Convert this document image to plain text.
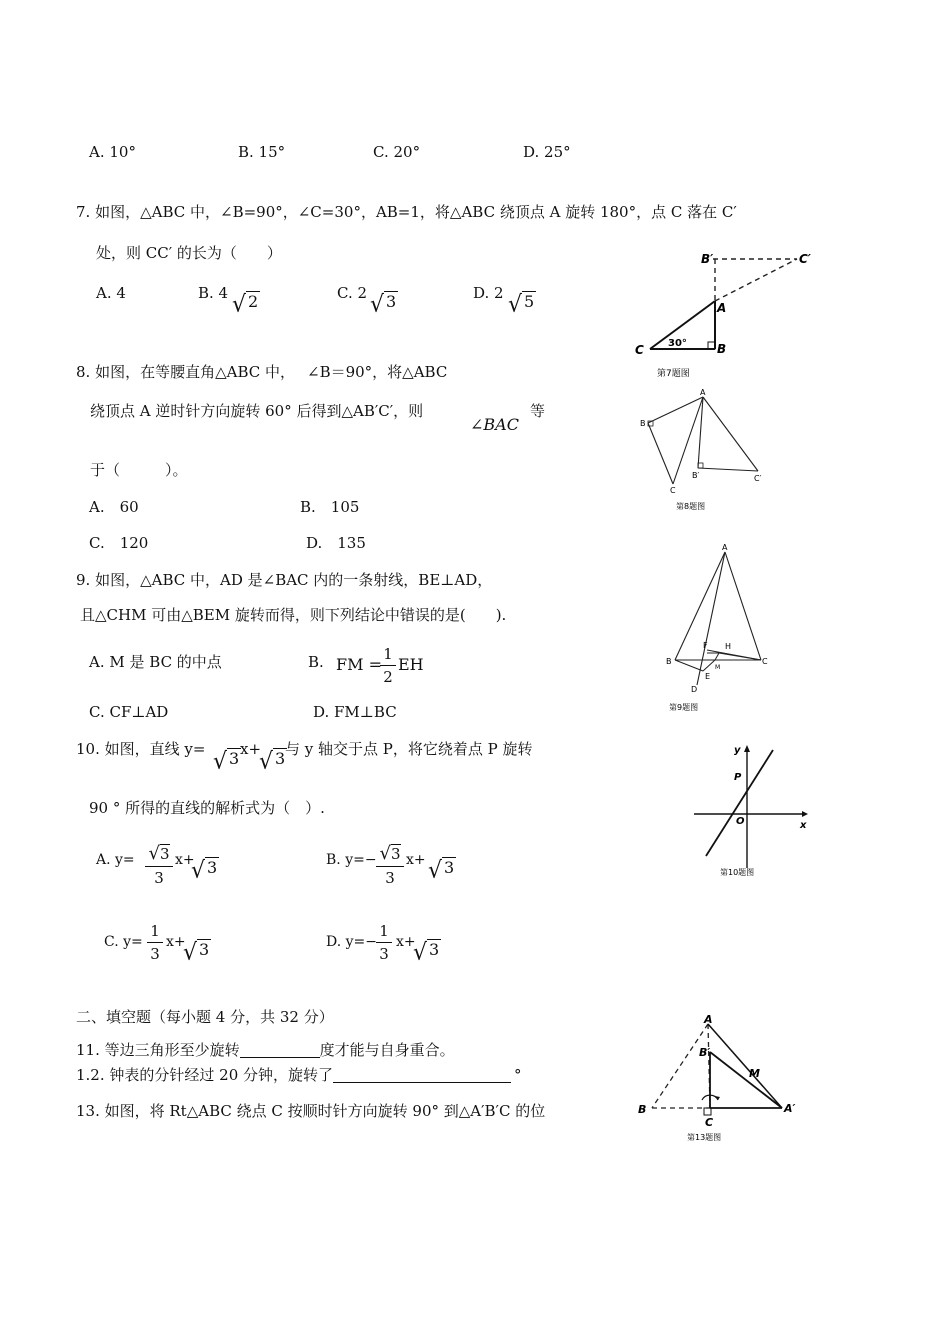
A. 10°	B. 15°	C. 20°	D. 25°
7. 如图，△ABC 中，∠B=90°，∠C=30°，AB=1，将△ABC 绕顶点 A 旋转 180°，点 C 落在 C′
处，则 CC′ 的长为（　　）
A. 4	B. 4 √ 2	C. 2 √ 3	D. 2 √ 5
B′	C′
A
B
C 30°
第7题图
8. 如图，在等腰直角△ABC 中， ∠B＝90°，将△ABC
绕顶点 A 逆时针方向旋转 60° 后得到△AB′C′，则
∠BAC
等
于（　　　）。
A.　60	B.　105
C.　120	D.　135
A
B
C
B′	C′
第8题图
9. 如图，△ABC 中，AD 是∠BAC 内的一条射线，BE⊥AD，
且△CHM 可由△BEM 旋转而得，则下列结论中错误的是(　　).
A. M 是 BC 的中点	B. FM =
1
2
EH
C. CF⊥AD	D. FM⊥BC
A
B	C
D
E
F H
M
第9题图
10. 如图，直线 y= √ 3 x+
√ 3 与 y 轴交于点 P，将它绕着点 P 旋转
90 ° 所得的直线的解析式为（　）.
A. y= √3
3
x+
√ 3	B. y=− √3
3
x+ √ 3
C. y=
1
3
x+
√ 3	D. y=−
1
3
x+
√ 3
y
x
P
O
第10题图
二、填空题（每小题 4 分，共 32 分）
11. 等边三角形至少旋转	度才能与自身重合。
1.2. 钟表的分针经过 20 分钟，旋转了	°
13. 如图，将 Rt△ABC 绕点 C 按顺时针方向旋转 90° 到△A′B′C 的位
A
B′
M
B
C
A′
第13题图
